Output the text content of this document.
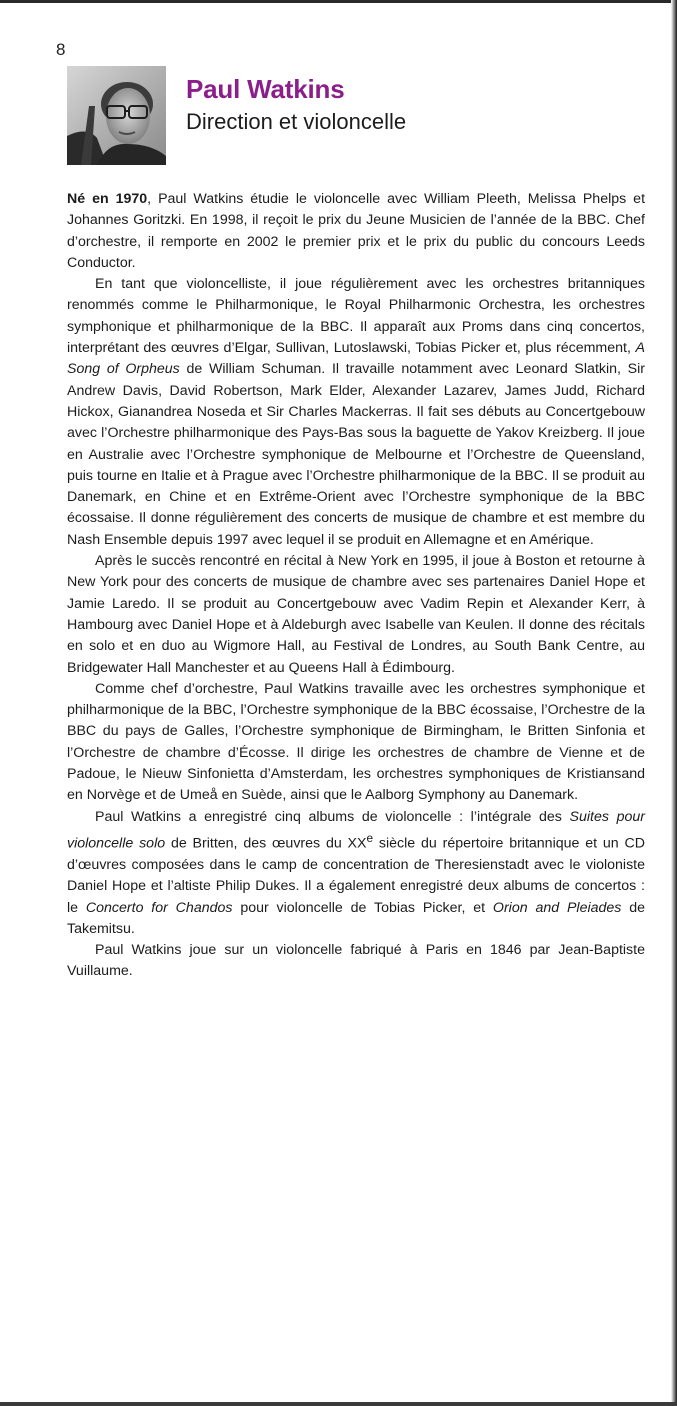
8
Paul Watkins
Direction et violoncelle

Né en 1970, Paul Watkins étudie le violoncelle avec William Pleeth, Melissa Phelps et Johannes Goritzki. En 1998, il reçoit le prix du Jeune Musicien de l’année de la BBC. Chef d’orchestre, il remporte en 2002 le premier prix et le prix du public du concours Leeds Conductor.

En tant que violoncelliste, il joue régulièrement avec les orchestres britanniques renommés comme le Philharmonique, le Royal Philharmonic Orchestra, les orchestres symphonique et philharmonique de la BBC. Il apparaît aux Proms dans cinq concertos, interprétant des œuvres d’Elgar, Sullivan, Lutoslawski, Tobias Picker et, plus récemment, A Song of Orpheus de William Schuman. Il travaille notamment avec Leonard Slatkin, Sir Andrew Davis, David Robertson, Mark Elder, Alexander Lazarev, James Judd, Richard Hickox, Gianandrea Noseda et Sir Charles Mackerras. Il fait ses débuts au Concertgebouw avec l’Orchestre philharmonique des Pays-Bas sous la baguette de Yakov Kreizberg. Il joue en Australie avec l’Orchestre symphonique de Melbourne et l’Orchestre de Queensland, puis tourne en Italie et à Prague avec l’Orchestre philharmonique de la BBC. Il se produit au Danemark, en Chine et en Extrême-Orient avec l’Orchestre symphonique de la BBC écossaise. Il donne régulièrement des concerts de musique de chambre et est membre du Nash Ensemble depuis 1997 avec lequel il se produit en Allemagne et en Amérique.

Après le succès rencontré en récital à New York en 1995, il joue à Boston et retourne à New York pour des concerts de musique de chambre avec ses partenaires Daniel Hope et Jamie Laredo. Il se produit au Concertgebouw avec Vadim Repin et Alexander Kerr, à Hambourg avec Daniel Hope et à Aldeburgh avec Isabelle van Keulen. Il donne des récitals en solo et en duo au Wigmore Hall, au Festival de Londres, au South Bank Centre, au Bridgewater Hall Manchester et au Queens Hall à Édimbourg.

Comme chef d’orchestre, Paul Watkins travaille avec les orchestres symphonique et philharmonique de la BBC, l’Orchestre symphonique de la BBC écossaise, l’Orchestre de la BBC du pays de Galles, l’Orchestre symphonique de Birmingham, le Britten Sinfonia et l’Orchestre de chambre d’Écosse. Il dirige les orchestres de chambre de Vienne et de Padoue, le Nieuw Sinfonietta d’Amsterdam, les orchestres symphoniques de Kristiansand en Norvège et de Umeå en Suède, ainsi que le Aalborg Symphony au Danemark.

Paul Watkins a enregistré cinq albums de violoncelle : l’intégrale des Suites pour violoncelle solo de Britten, des œuvres du XXe siècle du répertoire britannique et un CD d’œuvres composées dans le camp de concentration de Theresienstadt avec le violoniste Daniel Hope et l’altiste Philip Dukes. Il a également enregistré deux albums de concertos : le Concerto for Chandos pour violoncelle de Tobias Picker, et Orion and Pleiades de Takemitsu.

Paul Watkins joue sur un violoncelle fabriqué à Paris en 1846 par Jean-Baptiste Vuillaume.
